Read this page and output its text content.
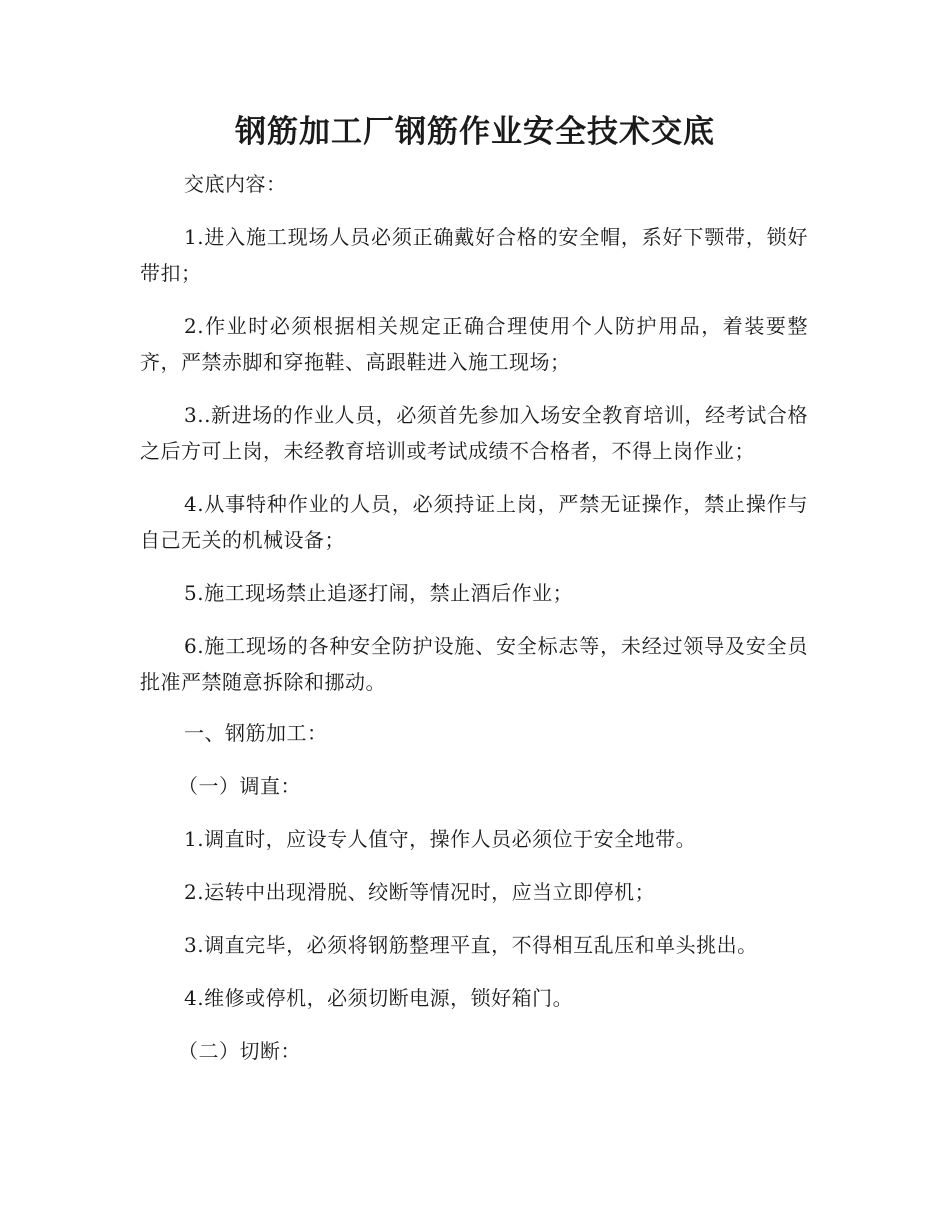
钢筋加工厂钢筋作业安全技术交底

交底内容：

1.进入施工现场人员必须正确戴好合格的安全帽，系好下颚带，锁好带扣；

2.作业时必须根据相关规定正确合理使用个人防护用品，着装要整齐，严禁赤脚和穿拖鞋、高跟鞋进入施工现场；

3..新进场的作业人员，必须首先参加入场安全教育培训，经考试合格之后方可上岗，未经教育培训或考试成绩不合格者，不得上岗作业；

4.从事特种作业的人员，必须持证上岗，严禁无证操作，禁止操作与自己无关的机械设备；

5.施工现场禁止追逐打闹，禁止酒后作业；

6.施工现场的各种安全防护设施、安全标志等，未经过领导及安全员批准严禁随意拆除和挪动。

一、钢筋加工：

（一）调直：

1.调直时，应设专人值守，操作人员必须位于安全地带。

2.运转中出现滑脱、绞断等情况时，应当立即停机；

3.调直完毕，必须将钢筋整理平直，不得相互乱压和单头挑出。

4.维修或停机，必须切断电源，锁好箱门。

（二）切断：
